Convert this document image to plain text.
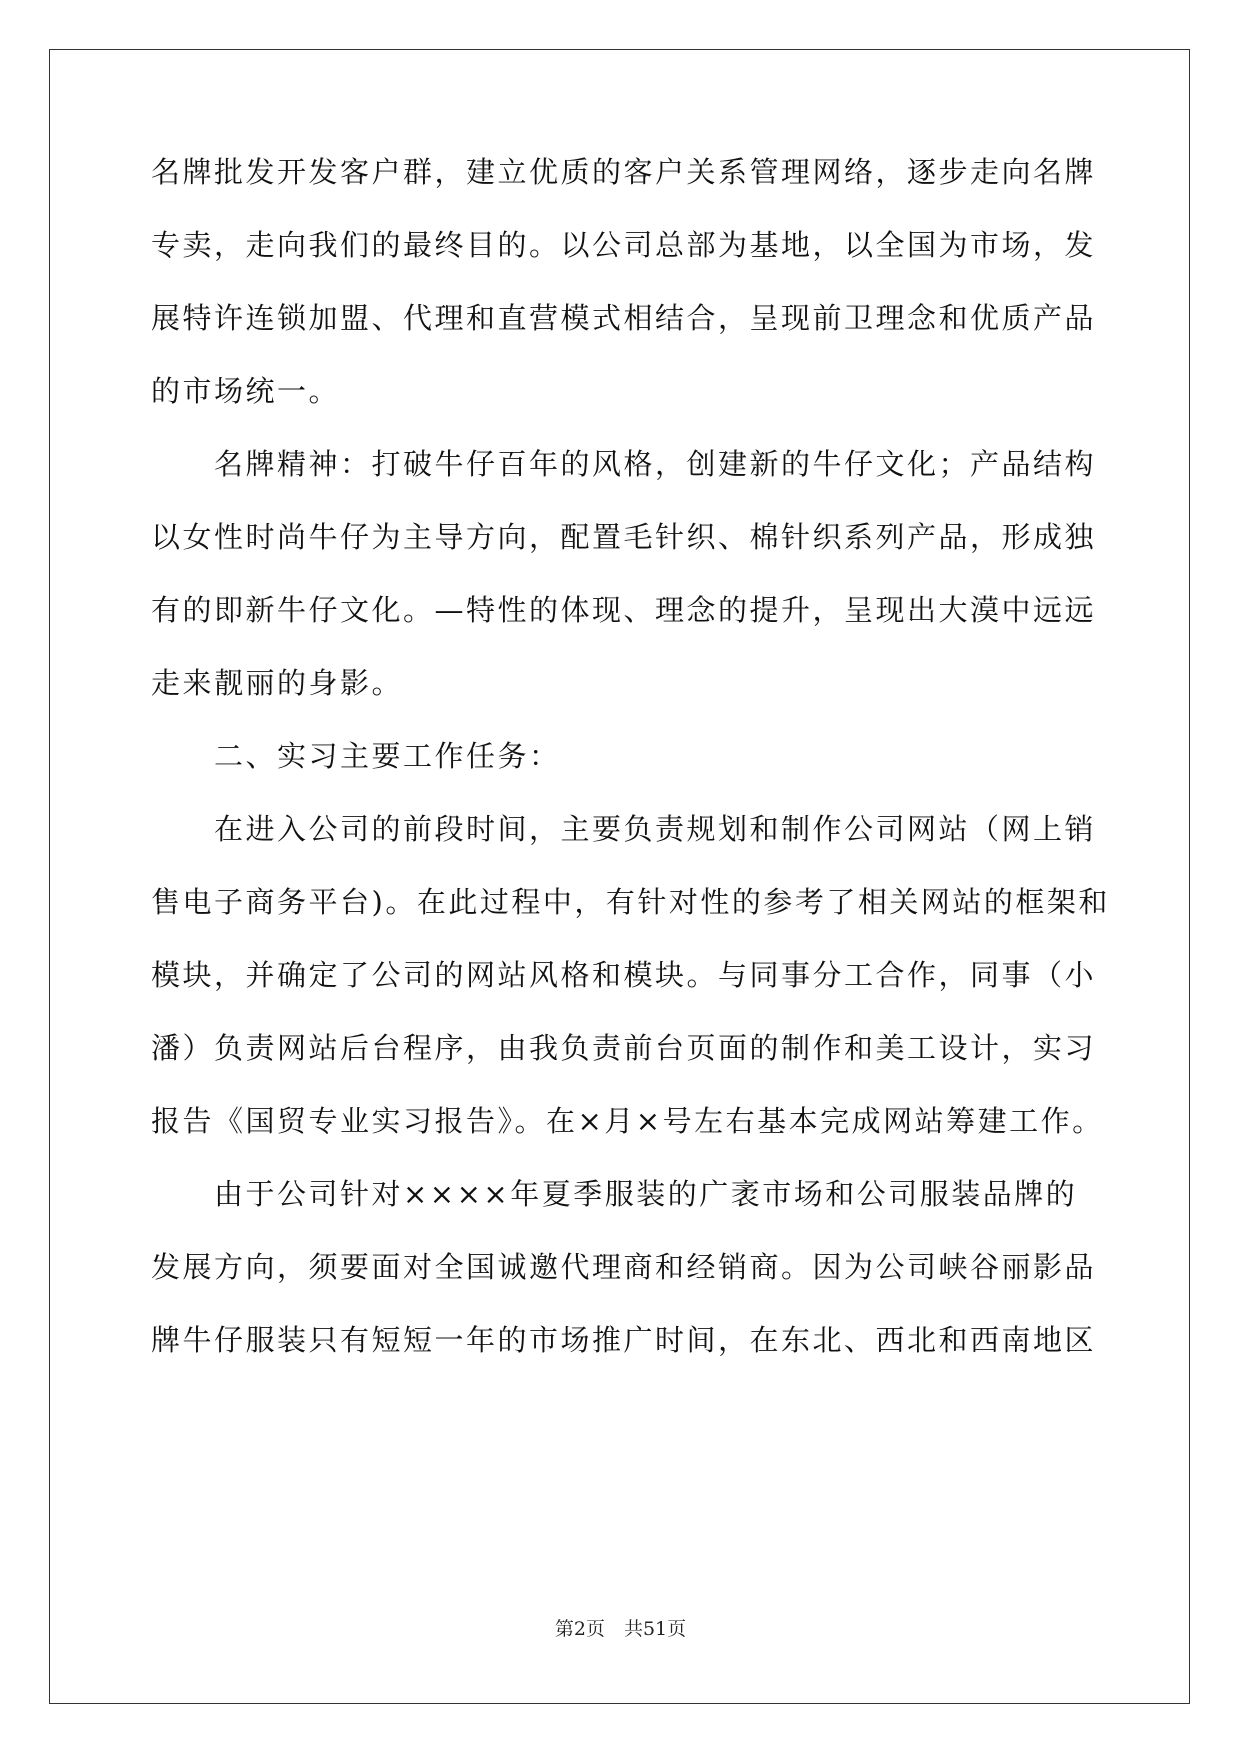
名牌批发开发客户群，建立优质的客户关系管理网络，逐步走向名牌
专卖，走向我们的最终目的。以公司总部为基地，以全国为市场，发
展特许连锁加盟、代理和直营模式相结合，呈现前卫理念和优质产品
的市场统一。
　　名牌精神：打破牛仔百年的风格，创建新的牛仔文化；产品结构
以女性时尚牛仔为主导方向，配置毛针织、棉针织系列产品，形成独
有的即新牛仔文化。—特性的体现、理念的提升，呈现出大漠中远远
走来靓丽的身影。
　　二、实习主要工作任务：
　　在进入公司的前段时间，主要负责规划和制作公司网站（网上销
售电子商务平台)。在此过程中，有针对性的参考了相关网站的框架和
模块，并确定了公司的网站风格和模块。与同事分工合作，同事（小
潘）负责网站后台程序，由我负责前台页面的制作和美工设计，实习
报告《国贸专业实习报告》。在×月×号左右基本完成网站筹建工作。
　　由于公司针对××××年夏季服装的广袤市场和公司服装品牌的
发展方向，须要面对全国诚邀代理商和经销商。因为公司峡谷丽影品
牌牛仔服装只有短短一年的市场推广时间，在东北、西北和西南地区
第2页　共51页
